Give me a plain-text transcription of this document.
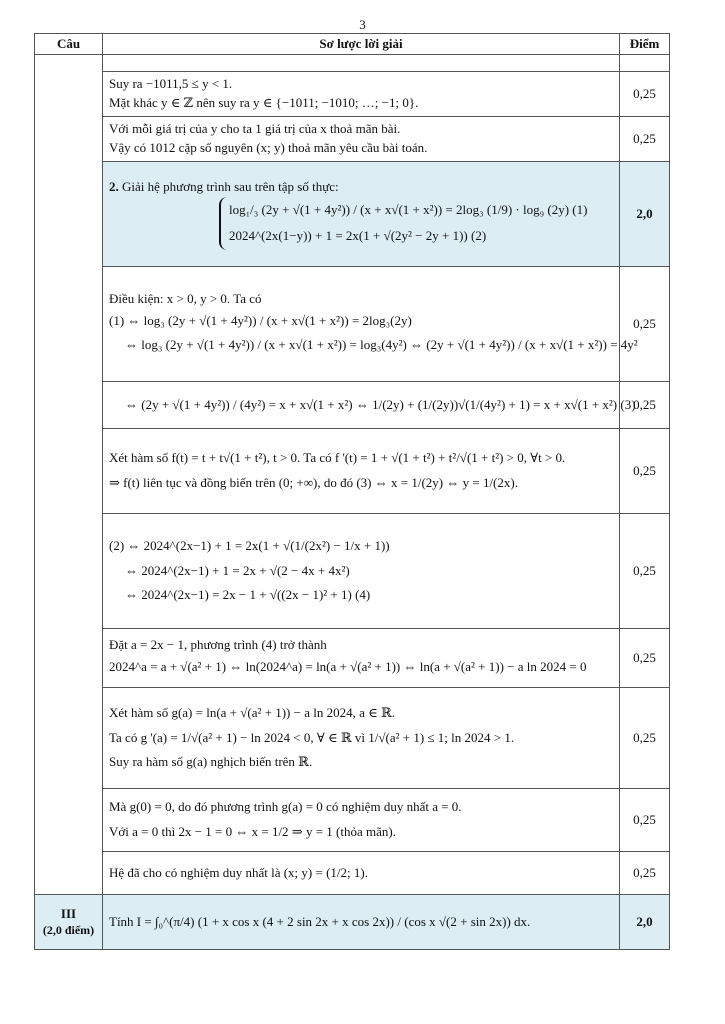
3
Câu	Sơ lược lời giải	Điểm

	Suy ra −1011,5 ≤ y < 1.
Mặt khác y ∈ ℤ nên suy ra y ∈ {−1011; −1010; …; −1; 0}.	0,25

	Với mỗi giá trị của y cho ta 1 giá trị của x thoả mãn bài.
Vậy có 1012 cặp số nguyên (x; y) thoả mãn yêu cầu bài toán.	0,25

	2. Giải hệ phương trình sau trên tập số thực:
log₁/₃ (2y + √(1 + 4y²)) / (x + x√(1 + x²)) = 2log₃ (1/9) · log₉ (2y) (1)
2024^(2x(1−y)) + 1 = 2x(1 + √(2y² − 2y + 1)) (2)	2,0

	Điều kiện: x > 0, y > 0. Ta có
(1) ⇔ log₃ (2y + √(1 + 4y²)) / (x + x√(1 + x²)) = 2log₃(2y)
⇔ log₃ (2y + √(1 + 4y²)) / (x + x√(1 + x²)) = log₃(4y²) ⇔ (2y + √(1 + 4y²)) / (x + x√(1 + x²)) = 4y²	0,25

	⇔ (2y + √(1 + 4y²)) / (4y²) = x + x√(1 + x²) ⇔ 1/(2y) + (1/(2y))√(1/(4y²) + 1) = x + x√(1 + x²) (3)	0,25

	Xét hàm số f(t) = t + t√(1 + t²), t > 0. Ta có f '(t) = 1 + √(1 + t²) + t²/√(1 + t²) > 0, ∀t > 0.
⇒ f(t) liên tục và đồng biến trên (0; +∞), do đó (3) ⇔ x = 1/(2y) ⇔ y = 1/(2x).	0,25

	(2) ⇔ 2024^(2x−1) + 1 = 2x(1 + √(1/(2x²) − 1/x + 1))
⇔ 2024^(2x−1) + 1 = 2x + √(2 − 4x + 4x²)
⇔ 2024^(2x−1) = 2x − 1 + √((2x − 1)² + 1) (4)	0,25

	Đặt a = 2x − 1, phương trình (4) trở thành
2024^a = a + √(a² + 1) ⇔ ln(2024^a) = ln(a + √(a² + 1)) ⇔ ln(a + √(a² + 1)) − a ln 2024 = 0	0,25

	Xét hàm số g(a) = ln(a + √(a² + 1)) − a ln 2024, a ∈ ℝ.
Ta có g '(a) = 1/√(a² + 1) − ln 2024 < 0, ∀ ∈ ℝ vì 1/√(a² + 1) ≤ 1; ln 2024 > 1.
Suy ra hàm số g(a) nghịch biến trên ℝ.	0,25

	Mà g(0) = 0, do đó phương trình g(a) = 0 có nghiệm duy nhất a = 0.
Với a = 0 thì 2x − 1 = 0 ⇔ x = 1/2 ⇒ y = 1 (thỏa mãn).	0,25

	Hệ đã cho có nghiệm duy nhất là (x; y) = (1/2; 1).	0,25

III
(2,0 điểm)	Tính I = ∫₀^(π/4) (1 + x cos x (4 + 2 sin 2x + x cos 2x)) / (cos x √(2 + sin 2x)) dx.	2,0
